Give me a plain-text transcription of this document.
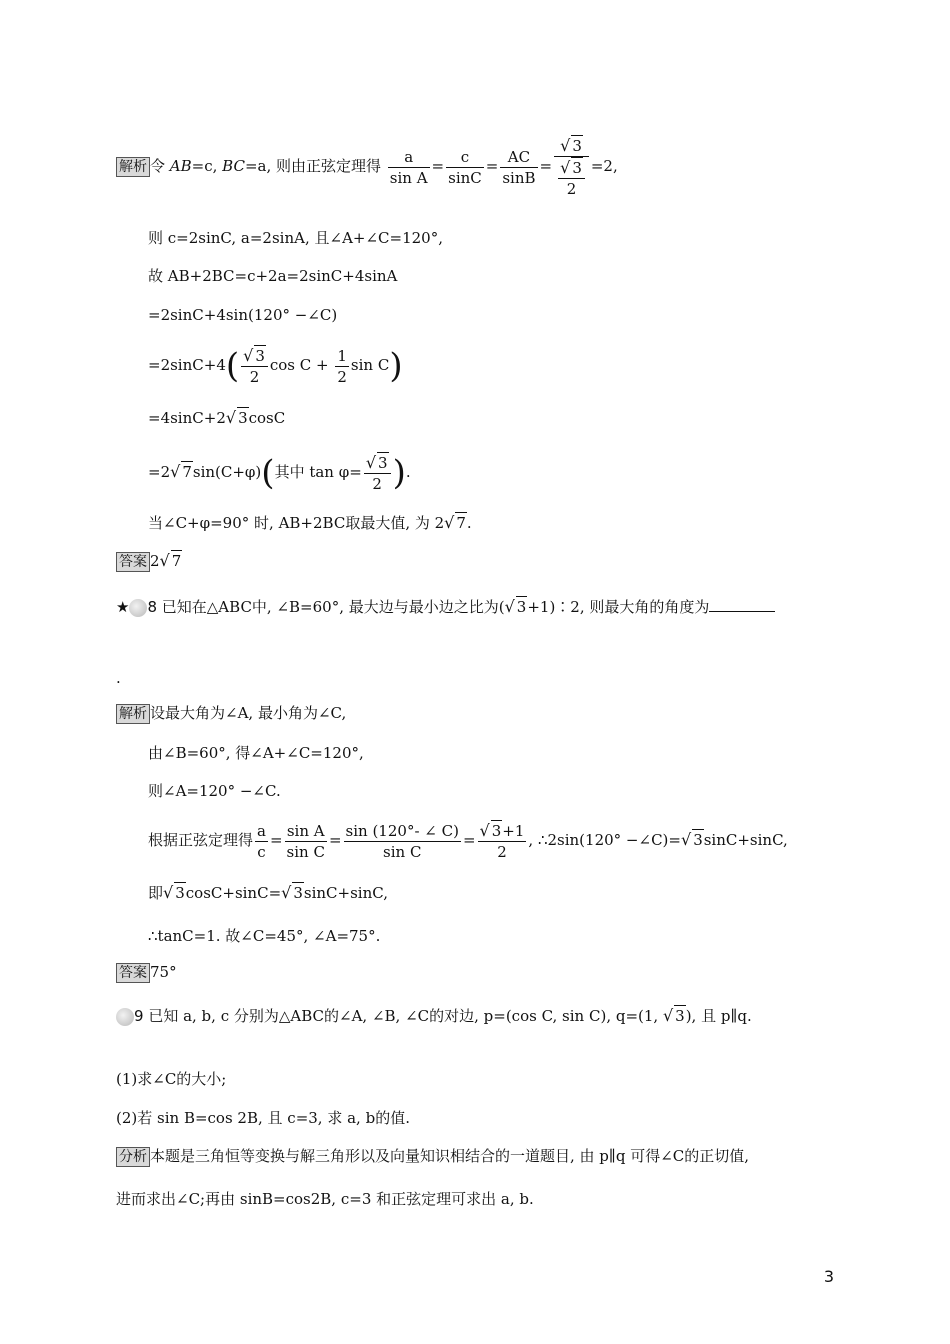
解析 令 AB=c, BC=a, 则由正弦定理得 $\frac{a}{\text{sin A}} = \frac{c}{\sin C} = \frac{AC}{\sin B} = \frac{√ 3}{\frac{√ 3}{2}} =2$,
则 c=2sinC, a=2sinA, 且∠A+∠C=120°,
故 AB+2BC=c+2a=2sinC+4sinA
=2sinC+4sin(120° −∠C)
$=2\sin C+4( \frac{√ 3}{2}$ $\cos C + \frac{1}{2}$ sin C)
=4sinC+2√ 3cosC
=2√ 7sin(C+φ)(其中 $\tan \varphi= \frac{√ 3}{2}$ ).
当∠C+φ=90° 时, AB+2BC取最大值, 为 2√ 7.
答案 2√ 7
★ 8 已知在△ABC中, ∠B=60°, 最大边与最小边之比为(√ 3+1)∶2, 则最大角的角度为
.
解析 设最大角为∠A, 最小角为∠C,
由∠B=60°, 得∠A+∠C=120°,
则∠A=120° −∠C.
根据正弦定理得 $\frac{a}{c} = \frac{\text{sin A}}{\text{sin C}} = \frac{\sin (120^\circ- \angle C)}{\text{sin C}} = \frac{√ 3+1}{2}$ , ∴2sin(120° −∠C)=√ 3sinC+sinC,
即√ 3cosC+sinC=√ 3sinC+sinC,
∴tanC=1. 故∠C=45°, ∠A=75°.
答案 75°
9 已知 a, b, c 分别为△ABC的∠A, ∠B, ∠C的对边, p=(cos C, sin C), q=(1, √ 3), 且 p∥q.
(1)求∠C的大小;
(2)若 sin B=cos 2B, 且 c=3, 求 a, b的值.
分析 本题是三角恒等变换与解三角形以及向量知识相结合的一道题目, 由 p∥q 可得∠C的正切值,
进而求出∠C;再由 sinB=cos2B, c=3 和正弦定理可求出 a, b.
3
